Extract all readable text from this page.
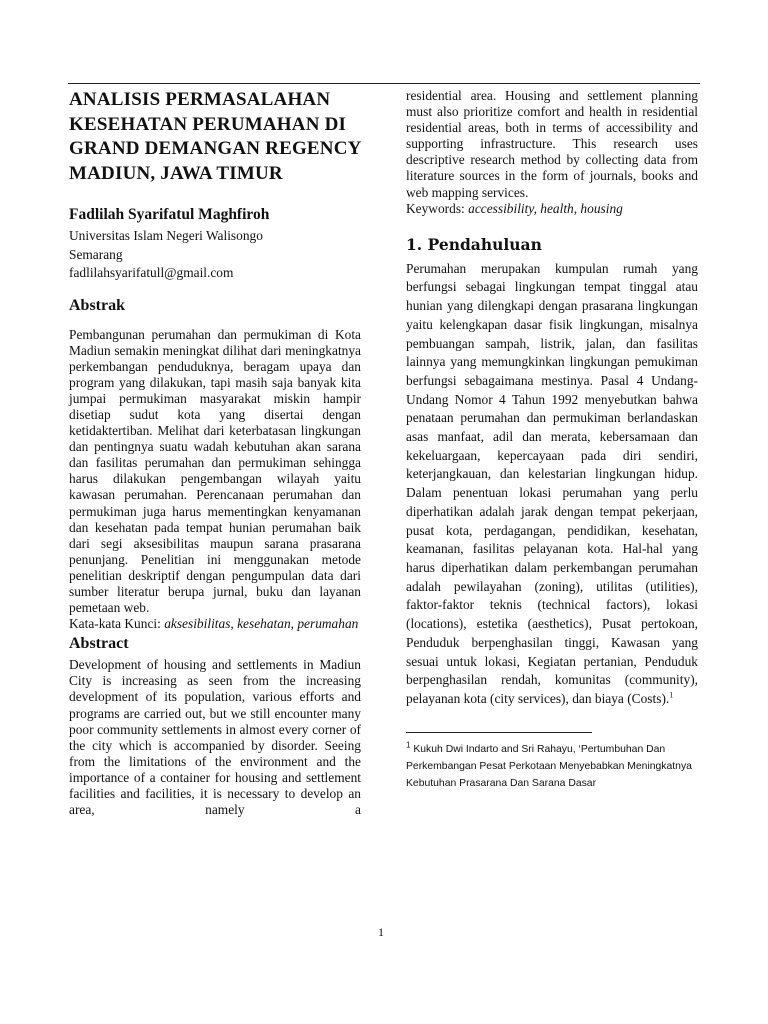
ANALISIS PERMASALAHAN KESEHATAN PERUMAHAN DI GRAND DEMANGAN REGENCY MADIUN, JAWA TIMUR

Fadlilah Syarifatul Maghfiroh

Universitas Islam Negeri Walisongo
Semarang
fadlilahsyarifatull@gmail.com

Abstrak

Pembangunan perumahan dan permukiman di Kota Madiun semakin meningkat dilihat dari meningkatnya perkembangan penduduknya, beragam upaya dan program yang dilakukan, tapi masih saja banyak kita jumpai permukiman masyarakat miskin hampir disetiap sudut kota yang disertai dengan ketidaktertiban. Melihat dari keterbatasan lingkungan dan pentingnya suatu wadah kebutuhan akan sarana dan fasilitas perumahan dan permukiman sehingga harus dilakukan pengembangan wilayah yaitu kawasan perumahan. Perencanaan perumahan dan permukiman juga harus mementingkan kenyamanan dan kesehatan pada tempat hunian perumahan baik dari segi aksesibilitas maupun sarana prasarana penunjang. Penelitian ini menggunakan metode penelitian deskriptif dengan pengumpulan data dari sumber literatur berupa jurnal, buku dan layanan pemetaan web.

Kata-kata Kunci: aksesibilitas, kesehatan, perumahan

Abstract

Development of housing and settlements in Madiun City is increasing as seen from the increasing development of its population, various efforts and programs are carried out, but we still encounter many poor community settlements in almost every corner of the city which is accompanied by disorder. Seeing from the limitations of the environment and the importance of a container for housing and settlement facilities and facilities, it is necessary to develop an area, namely a

residential area. Housing and settlement planning must also prioritize comfort and health in residential residential areas, both in terms of accessibility and supporting infrastructure. This research uses descriptive research method by collecting data from literature sources in the form of journals, books and web mapping services.

Keywords: accessibility, health, housing

1. Pendahuluan

Perumahan merupakan kumpulan rumah yang berfungsi sebagai lingkungan tempat tinggal atau hunian yang dilengkapi dengan prasarana lingkungan yaitu kelengkapan dasar fisik lingkungan, misalnya pembuangan sampah, listrik, jalan, dan fasilitas lainnya yang memungkinkan lingkungan pemukiman berfungsi sebagaimana mestinya. Pasal 4 Undang-Undang Nomor 4 Tahun 1992 menyebutkan bahwa penataan perumahan dan permukiman berlandaskan asas manfaat, adil dan merata, kebersamaan dan kekeluargaan, kepercayaan pada diri sendiri, keterjangkauan, dan kelestarian lingkungan hidup. Dalam penentuan lokasi perumahan yang perlu diperhatikan adalah jarak dengan tempat pekerjaan, pusat kota, perdagangan, pendidikan, kesehatan, keamanan, fasilitas pelayanan kota. Hal-hal yang harus diperhatikan dalam perkembangan perumahan adalah pewilayahan (zoning), utilitas (utilities), faktor-faktor teknis (technical factors), lokasi (locations), estetika (aesthetics), Pusat pertokoan, Penduduk berpenghasilan tinggi, Kawasan yang sesuai untuk lokasi, Kegiatan pertanian, Penduduk berpenghasilan rendah, komunitas (community), pelayanan kota (city services), dan biaya (Costs).$^1$

$^1$ Kukuh Dwi Indarto and Sri Rahayu, ‘Pertumbuhan Dan Perkembangan Pesat Perkotaan Menyebabkan Meningkatnya Kebutuhan Prasarana Dan Sarana Dasar

1
